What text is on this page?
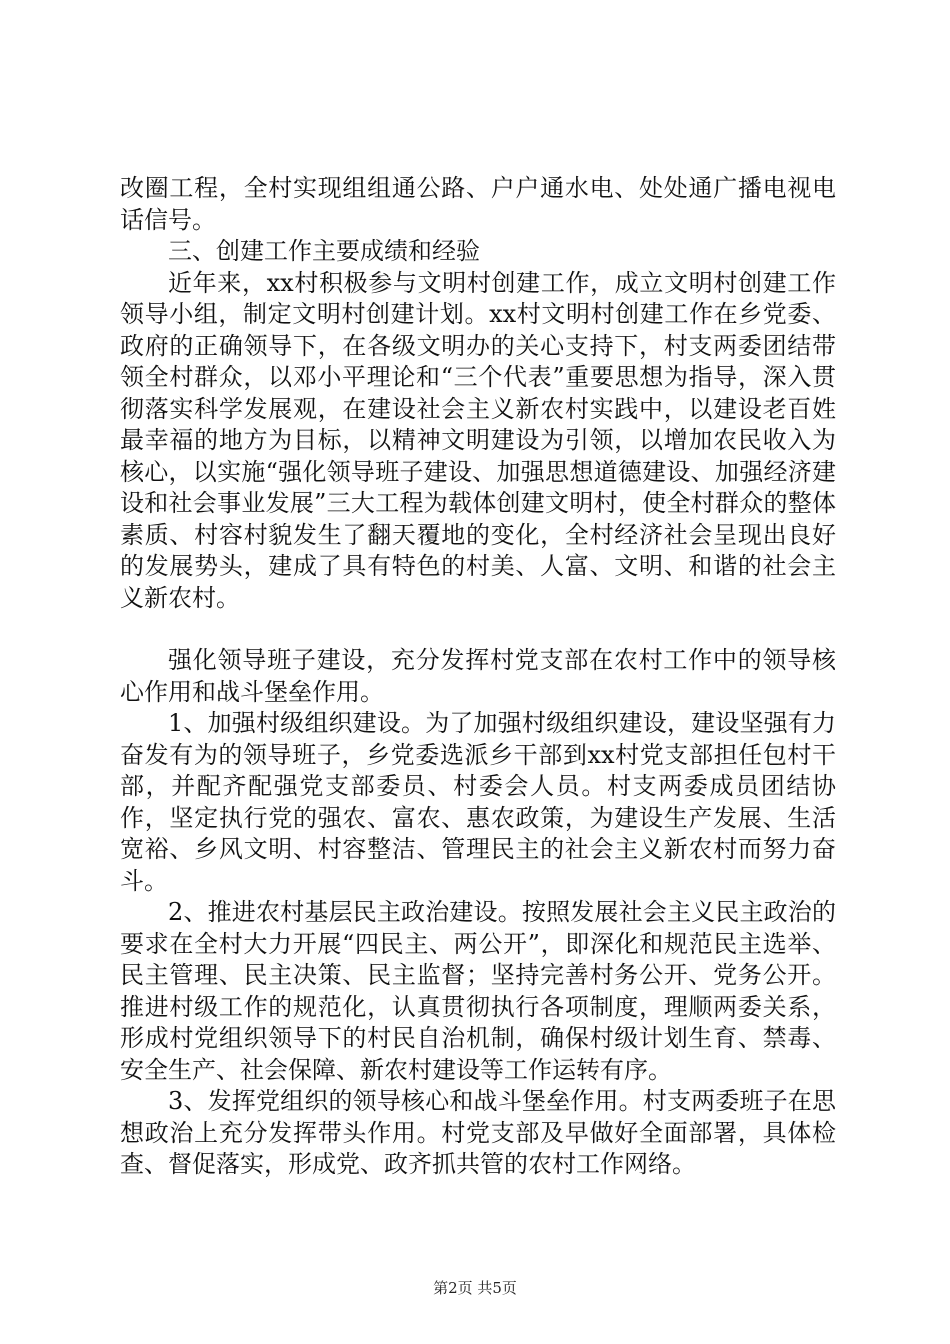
改圈工程，全村实现组组通公路、户户通水电、处处通广播电视电话信号。

三、创建工作主要成绩和经验

近年来，xx村积极参与文明村创建工作，成立文明村创建工作领导小组，制定文明村创建计划。xx村文明村创建工作在乡党委、政府的正确领导下，在各级文明办的关心支持下，村支两委团结带领全村群众，以邓小平理论和“三个代表”重要思想为指导，深入贯彻落实科学发展观，在建设社会主义新农村实践中，以建设老百姓最幸福的地方为目标，以精神文明建设为引领，以增加农民收入为核心，以实施“强化领导班子建设、加强思想道德建设、加强经济建设和社会事业发展”三大工程为载体创建文明村，使全村群众的整体素质、村容村貌发生了翻天覆地的变化，全村经济社会呈现出良好的发展势头，建成了具有特色的村美、人富、文明、和谐的社会主义新农村。

强化领导班子建设，充分发挥村党支部在农村工作中的领导核心作用和战斗堡垒作用。

1、加强村级组织建设。为了加强村级组织建设，建设坚强有力奋发有为的领导班子，乡党委选派乡干部到xx村党支部担任包村干部，并配齐配强党支部委员、村委会人员。村支两委成员团结协作，坚定执行党的强农、富农、惠农政策，为建设生产发展、生活宽裕、乡风文明、村容整洁、管理民主的社会主义新农村而努力奋斗。

2、推进农村基层民主政治建设。按照发展社会主义民主政治的要求在全村大力开展“四民主、两公开”，即深化和规范民主选举、民主管理、民主决策、民主监督；坚持完善村务公开、党务公开。推进村级工作的规范化，认真贯彻执行各项制度，理顺两委关系，形成村党组织领导下的村民自治机制，确保村级计划生育、禁毒、安全生产、社会保障、新农村建设等工作运转有序。

3、发挥党组织的领导核心和战斗堡垒作用。村支两委班子在思想政治上充分发挥带头作用。村党支部及早做好全面部署，具体检查、督促落实，形成党、政齐抓共管的农村工作网络。

第2页 共5页
